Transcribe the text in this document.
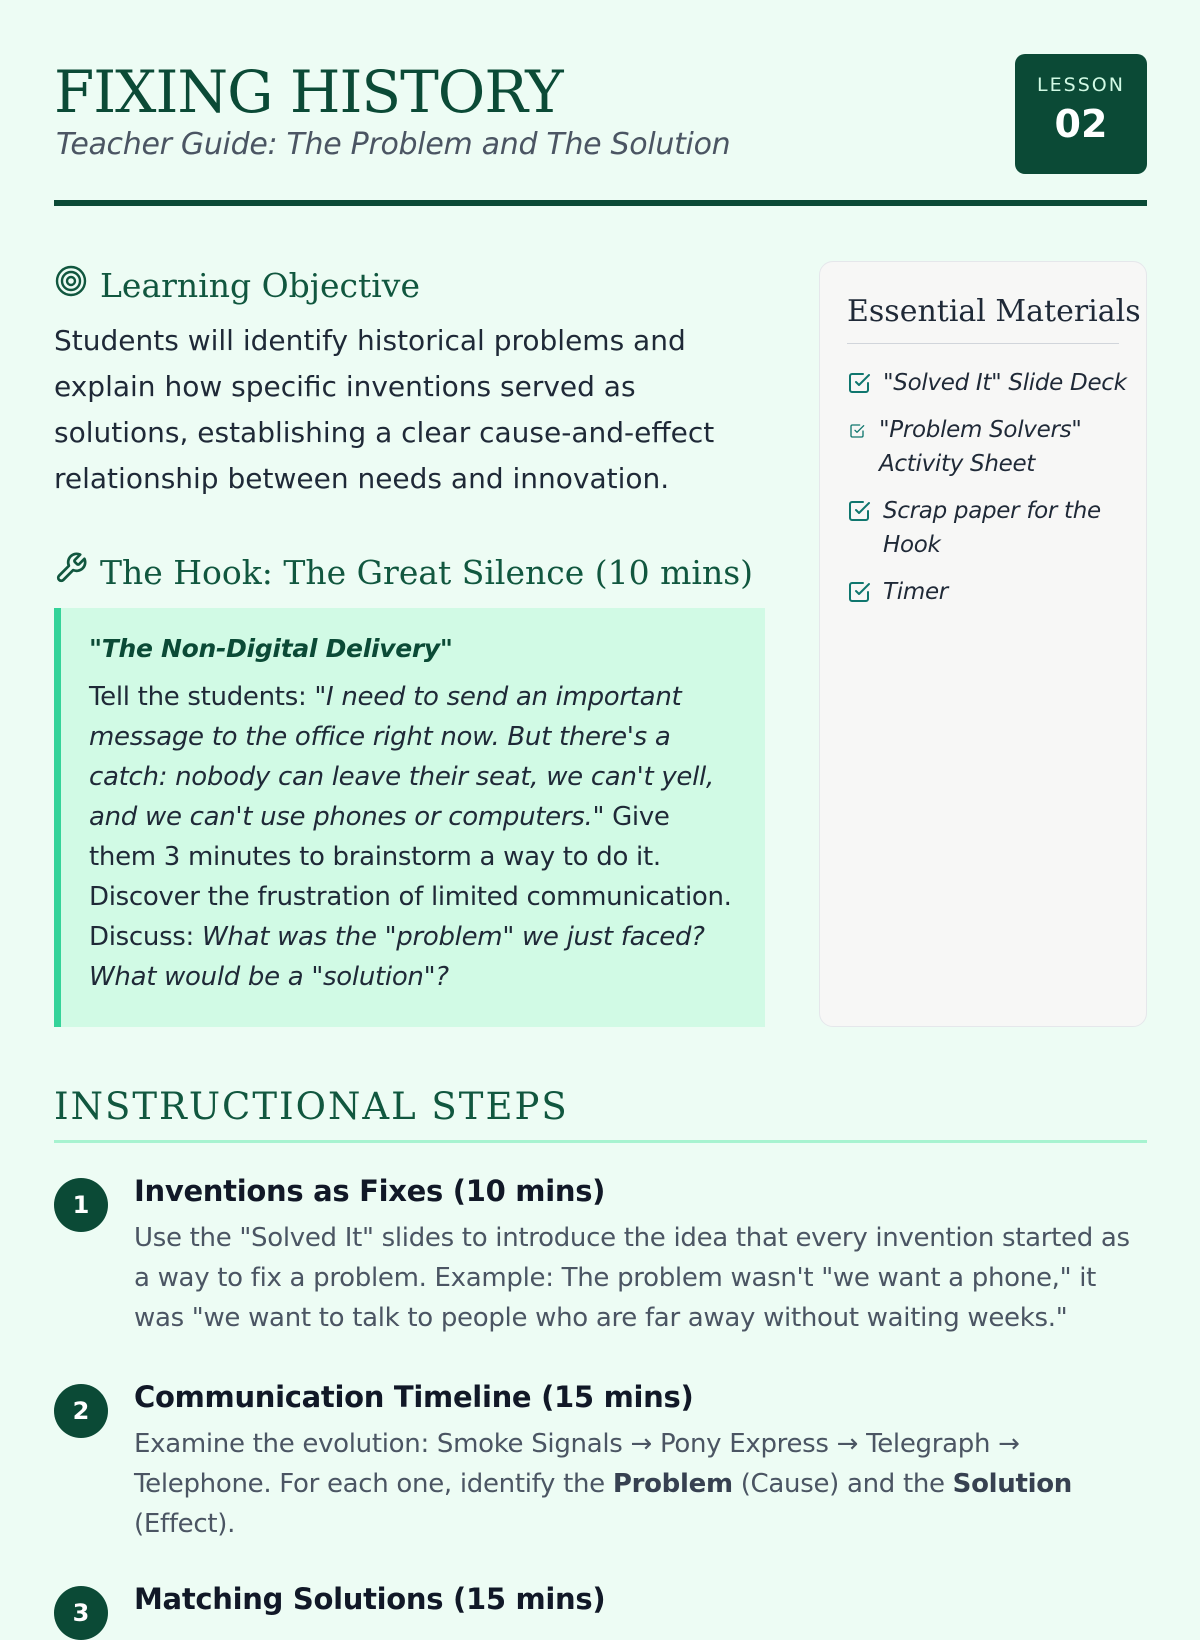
FIXING HISTORY
Teacher Guide: The Problem and The Solution
LESSON
02
Learning Objective
Students will identify historical problems and explain how specific inventions served as solutions, establishing a clear cause-and-effect relationship between needs and innovation.
The Hook: The Great Silence (10 mins)
"The Non-Digital Delivery"
Tell the students: "I need to send an important message to the office right now. But there's a catch: nobody can leave their seat, we can't yell, and we can't use phones or computers." Give them 3 minutes to brainstorm a way to do it. Discover the frustration of limited communication. Discuss: What was the "problem" we just faced? What would be a "solution"?
Essential Materials
"Solved It" Slide Deck
"Problem Solvers" Activity Sheet
Scrap paper for the Hook
Timer
INSTRUCTIONAL STEPS
1	Inventions as Fixes (10 mins)
Use the "Solved It" slides to introduce the idea that every invention started as a way to fix a problem. Example: The problem wasn't "we want a phone," it was "we want to talk to people who are far away without waiting weeks."
2	Communication Timeline (15 mins)
Examine the evolution: Smoke Signals → Pony Express → Telegraph → Telephone. For each one, identify the Problem (Cause) and the Solution (Effect).
3	Matching Solutions (15 mins)
